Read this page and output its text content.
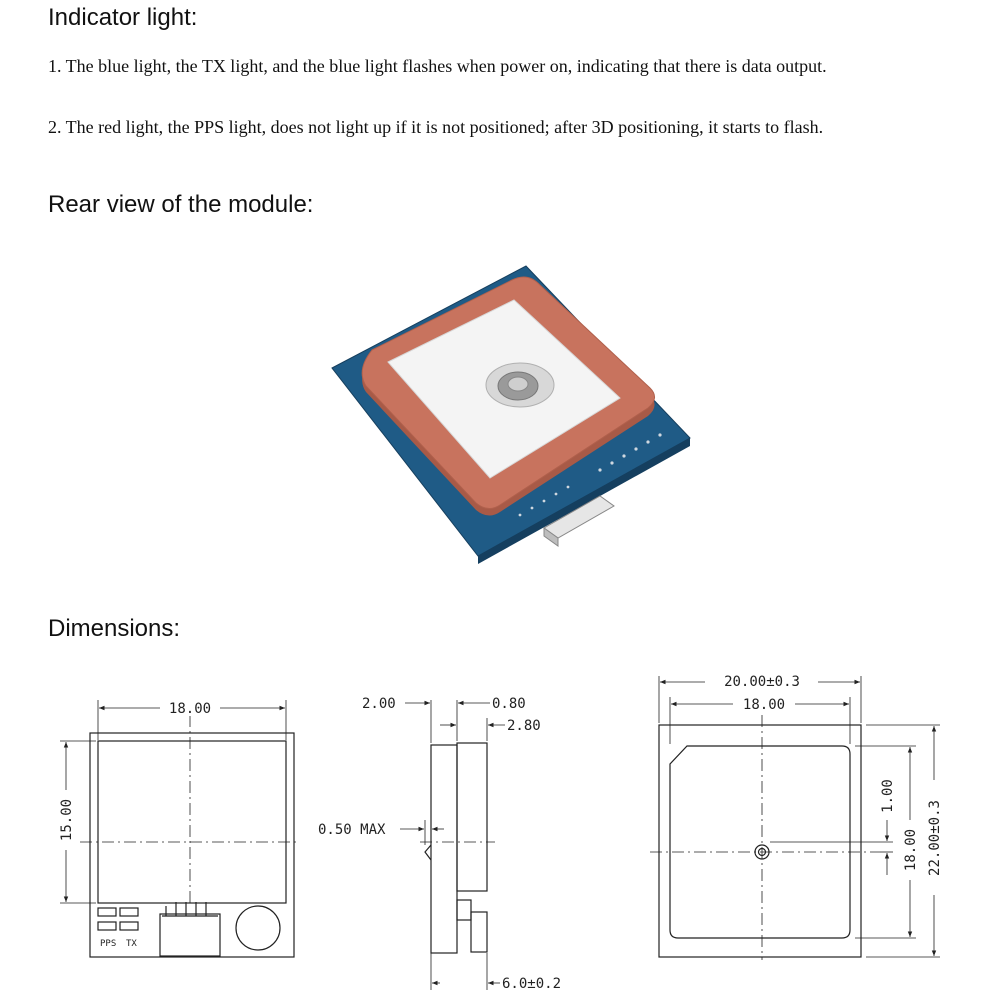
Indicator light:

1. The blue light, the TX light, and the blue light flashes when power on, indicating that there is data output.

2. The red light, the PPS light, does not light up if it is not positioned; after 3D positioning, it starts to flash.

Rear view of the module:
Dimensions:
18.00
15.00
PPS TX
2.00	0.80
2.80
0.50 MAX
6.0±0.2
20.00±0.3
18.00
1.00
18.00 22.00±0.3
